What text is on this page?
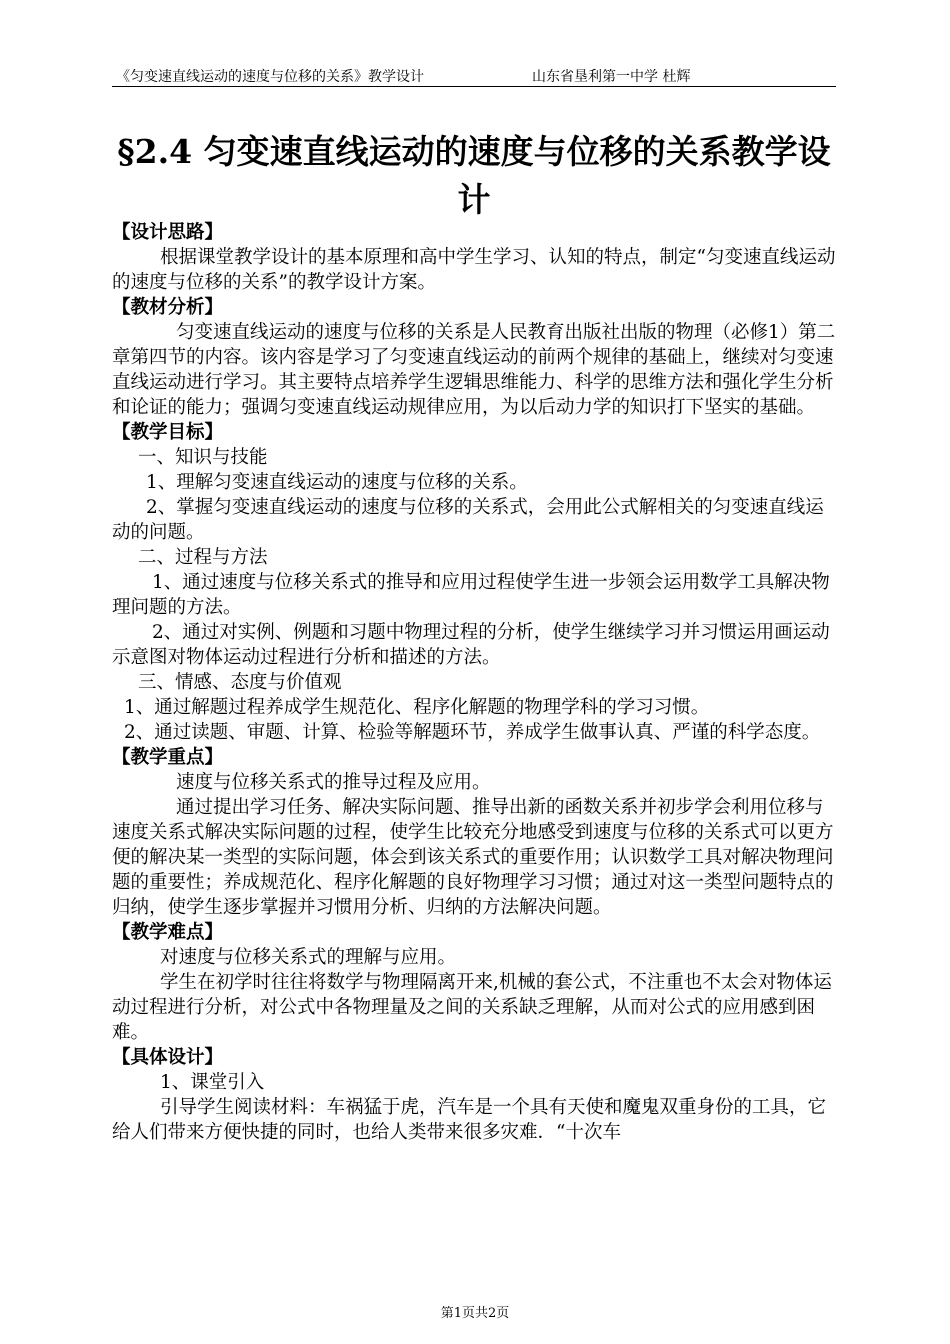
《匀变速直线运动的速度与位移的关系》教学设计	山东省垦利第一中学 杜辉
§2.4 匀变速直线运动的速度与位移的关系教学设计

【设计思路】

根据课堂教学设计的基本原理和高中学生学习、认知的特点，制定“匀变速直线运动的速度与位移的关系”的教学设计方案。

【教材分析】

匀变速直线运动的速度与位移的关系是人民教育出版社出版的物理（必修1）第二章第四节的内容。该内容是学习了匀变速直线运动的前两个规律的基础上，继续对匀变速直线运动进行学习。其主要特点培养学生逻辑思维能力、科学的思维方法和强化学生分析和论证的能力；强调匀变速直线运动规律应用，为以后动力学的知识打下坚实的基础。

【教学目标】

一、知识与技能

1、理解匀变速直线运动的速度与位移的关系。

2、掌握匀变速直线运动的速度与位移的关系式，会用此公式解相关的匀变速直线运动的问题。

二、过程与方法

1、通过速度与位移关系式的推导和应用过程使学生进一步领会运用数学工具解决物理问题的方法。

2、通过对实例、例题和习题中物理过程的分析，使学生继续学习并习惯运用画运动示意图对物体运动过程进行分析和描述的方法。

三、情感、态度与价值观

1、通过解题过程养成学生规范化、程序化解题的物理学科的学习习惯。

2、通过读题、审题、计算、检验等解题环节，养成学生做事认真、严谨的科学态度。

【教学重点】

速度与位移关系式的推导过程及应用。

通过提出学习任务、解决实际问题、推导出新的函数关系并初步学会利用位移与速度关系式解决实际问题的过程，使学生比较充分地感受到速度与位移的关系式可以更方便的解决某一类型的实际问题，体会到该关系式的重要作用；认识数学工具对解决物理问题的重要性；养成规范化、程序化解题的良好物理学习习惯；通过对这一类型问题特点的归纳，使学生逐步掌握并习惯用分析、归纳的方法解决问题。

【教学难点】

对速度与位移关系式的理解与应用。

学生在初学时往往将数学与物理隔离开来,机械的套公式，不注重也不太会对物体运动过程进行分析，对公式中各物理量及之间的关系缺乏理解，从而对公式的应用感到困难。

【具体设计】

1、课堂引入

引导学生阅读材料：车祸猛于虎，汽车是一个具有天使和魔鬼双重身份的工具，它给人们带来方便快捷的同时，也给人类带来很多灾难．“十次车

第1页共2页
